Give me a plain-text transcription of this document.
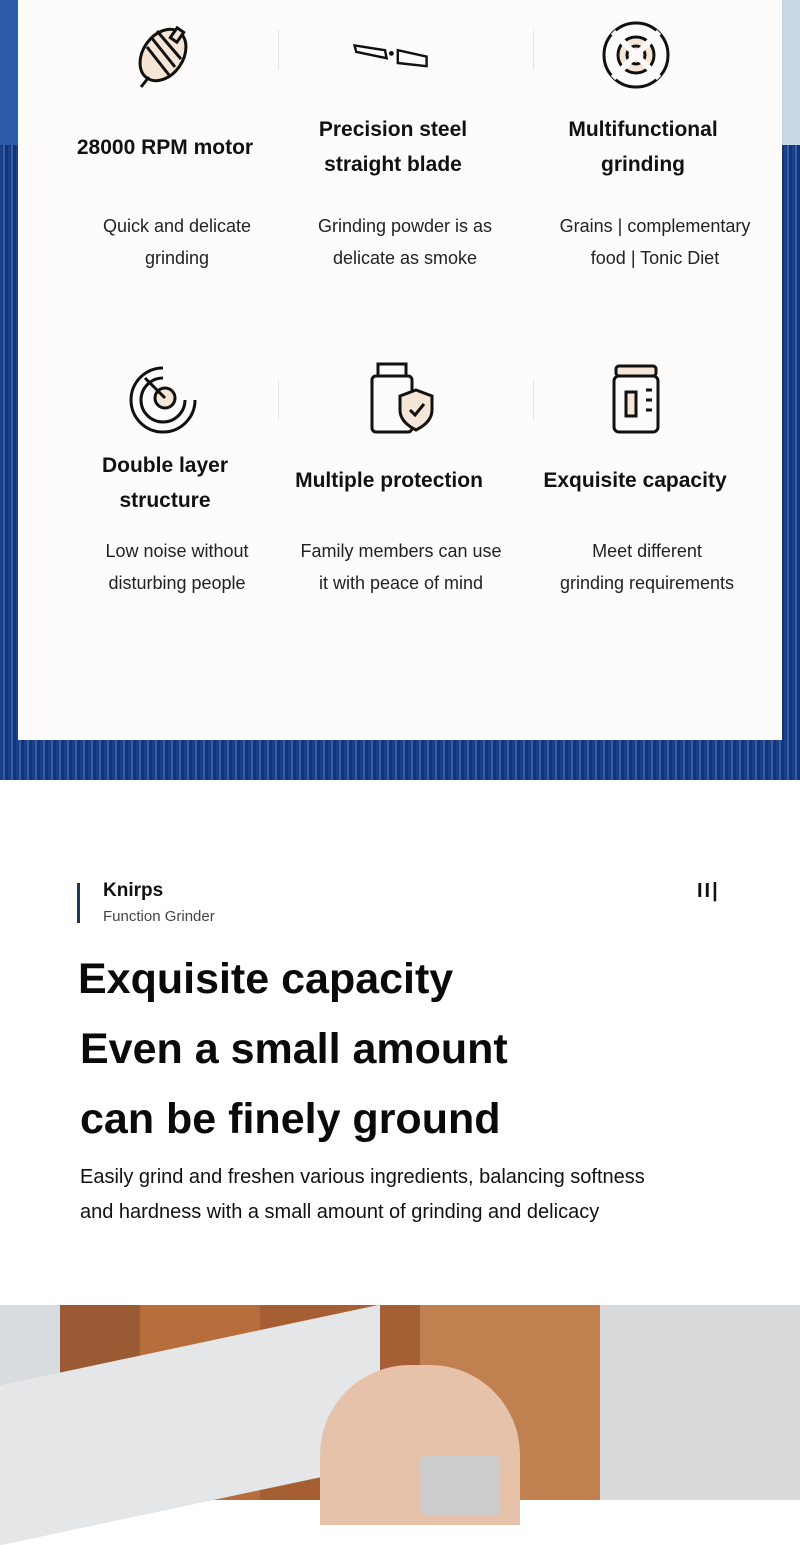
28000 RPM motor
Quick and delicate
grinding
Precision steel
straight blade
Grinding powder is as
delicate as smoke
Multifunctional
grinding
Grains | complementary
food | Tonic Diet
Double layer
structure
Low noise without
disturbing people
Multiple protection
Family members can use
it with peace of mind
Exquisite capacity
Meet different
grinding requirements
Knirps
Function Grinder
II|
Exquisite capacity
Even a small amount
can be finely ground
Easily grind and freshen various ingredients, balancing softness and hardness with a small amount of grinding and delicacy
